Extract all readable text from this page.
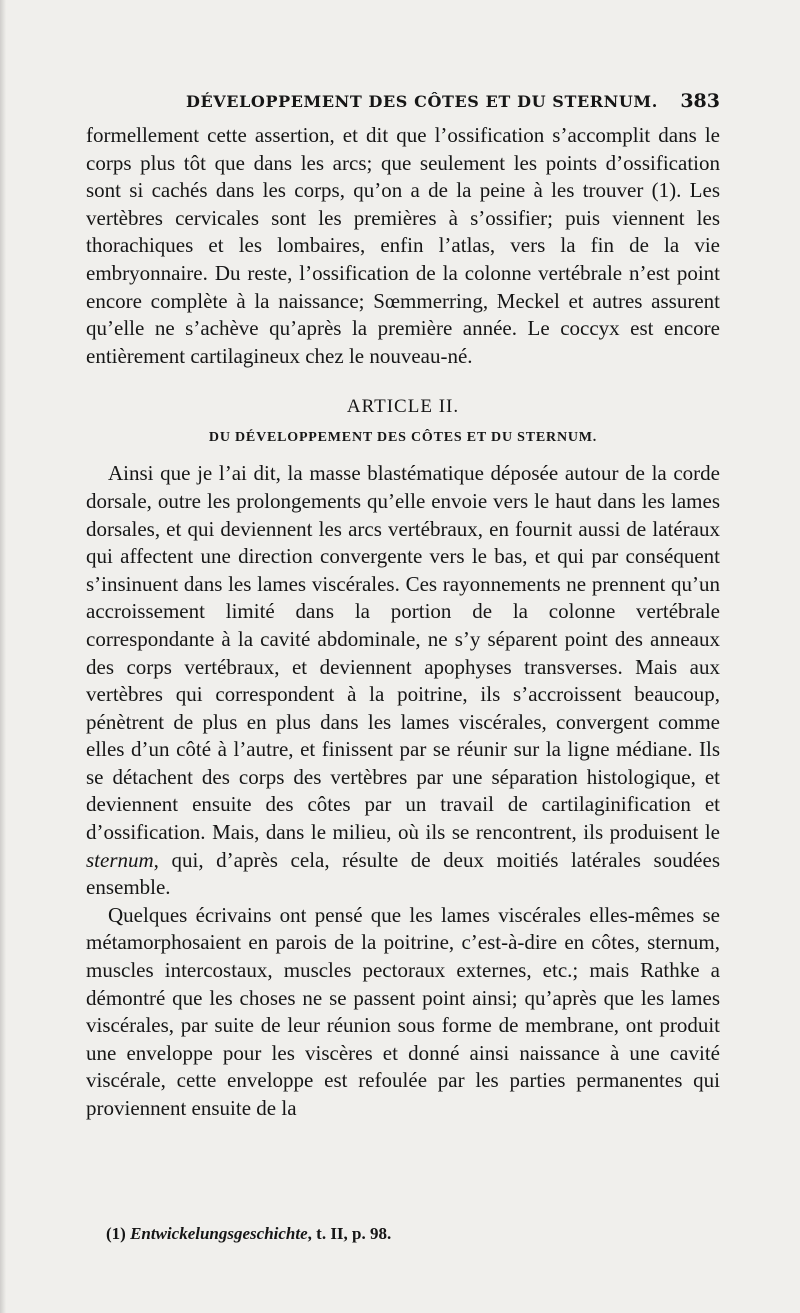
DÉVELOPPEMENT DES CÔTES ET DU STERNUM. 383

formellement cette assertion, et dit que l’ossification s’accomplit dans le corps plus tôt que dans les arcs; que seulement les points d’ossification sont si cachés dans les corps, qu’on a de la peine à les trouver (1). Les vertèbres cervicales sont les premières à s’ossifier; puis viennent les thorachiques et les lombaires, enfin l’atlas, vers la fin de la vie embryonnaire. Du reste, l’ossification de la colonne vertébrale n’est point encore complète à la naissance; Sœmmerring, Meckel et autres assurent qu’elle ne s’achève qu’après la première année. Le coccyx est encore entièrement cartilagineux chez le nouveau-né.

ARTICLE II.
DU DÉVELOPPEMENT DES CÔTES ET DU STERNUM.

Ainsi que je l’ai dit, la masse blastématique déposée autour de la corde dorsale, outre les prolongements qu’elle envoie vers le haut dans les lames dorsales, et qui deviennent les arcs vertébraux, en fournit aussi de latéraux qui affectent une direction convergente vers le bas, et qui par conséquent s’insinuent dans les lames viscérales. Ces rayonnements ne prennent qu’un accroissement limité dans la portion de la colonne vertébrale correspondante à la cavité abdominale, ne s’y séparent point des anneaux des corps vertébraux, et deviennent apophyses transverses. Mais aux vertèbres qui correspondent à la poitrine, ils s’accroissent beaucoup, pénètrent de plus en plus dans les lames viscérales, convergent comme elles d’un côté à l’autre, et finissent par se réunir sur la ligne médiane. Ils se détachent des corps des vertèbres par une séparation histologique, et deviennent ensuite des côtes par un travail de cartilaginification et d’ossification. Mais, dans le milieu, où ils se rencontrent, ils produisent le sternum, qui, d’après cela, résulte de deux moitiés latérales soudées ensemble.

Quelques écrivains ont pensé que les lames viscérales elles-mêmes se métamorphosaient en parois de la poitrine, c’est-à-dire en côtes, sternum, muscles intercostaux, muscles pectoraux externes, etc.; mais Rathke a démontré que les choses ne se passent point ainsi; qu’après que les lames viscérales, par suite de leur réunion sous forme de membrane, ont produit une enveloppe pour les viscères et donné ainsi naissance à une cavité viscérale, cette enveloppe est refoulée par les parties permanentes qui proviennent ensuite de la

(1) Entwickelungsgeschichte, t. II, p. 98.
